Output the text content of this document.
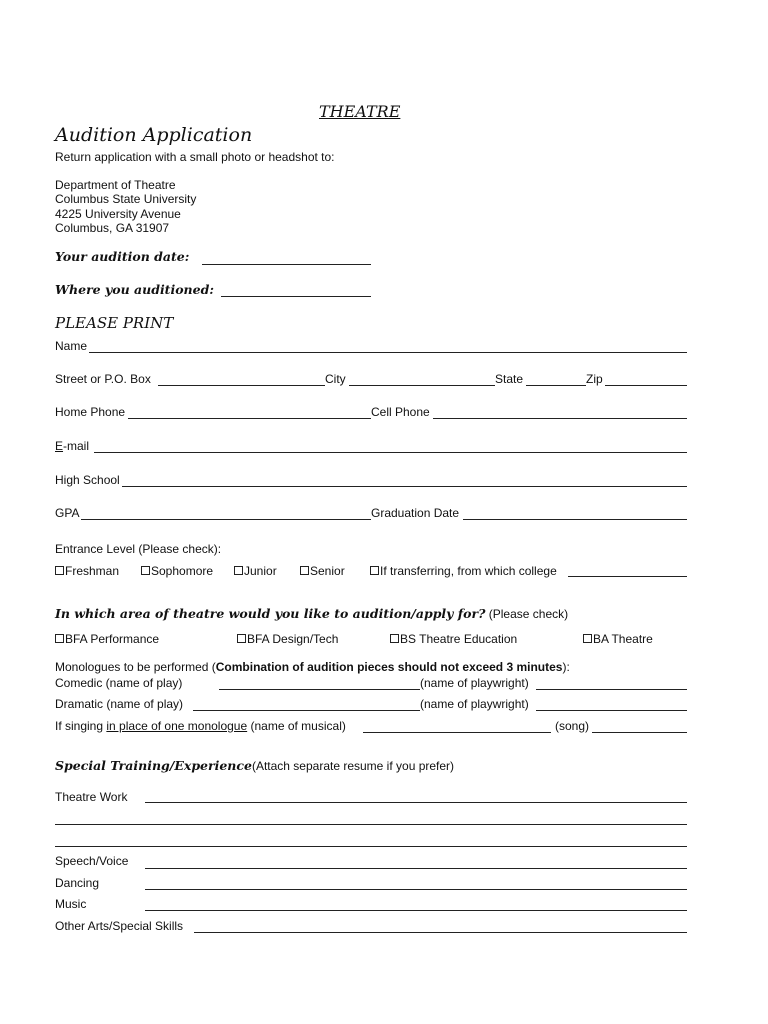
THEATRE
Audition Application
Return application with a small photo or headshot to:
Department of Theatre
Columbus State University
4225 University Avenue
Columbus, GA 31907
Your audition date:
Where you auditioned:
PLEASE PRINT
Name
Street or P.O. Box	City	State	Zip
Home Phone	Cell Phone
E-mail
High School
GPA	Graduation Date
Entrance Level (Please check):
Freshman	Sophomore	Junior	Senior	If transferring, from which college
In which area of theatre would you like to audition/apply for? (Please check)
BFA Performance	BFA Design/Tech	BS Theatre Education	BA Theatre
Monologues to be performed (Combination of audition pieces should not exceed 3 minutes):
Comedic (name of play)	(name of playwright)
Dramatic (name of play)	(name of playwright)
If singing in place of one monologue (name of musical)	(song)
Special Training/Experience(Attach separate resume if you prefer)
Theatre Work
Speech/Voice
Dancing
Music
Other Arts/Special Skills
